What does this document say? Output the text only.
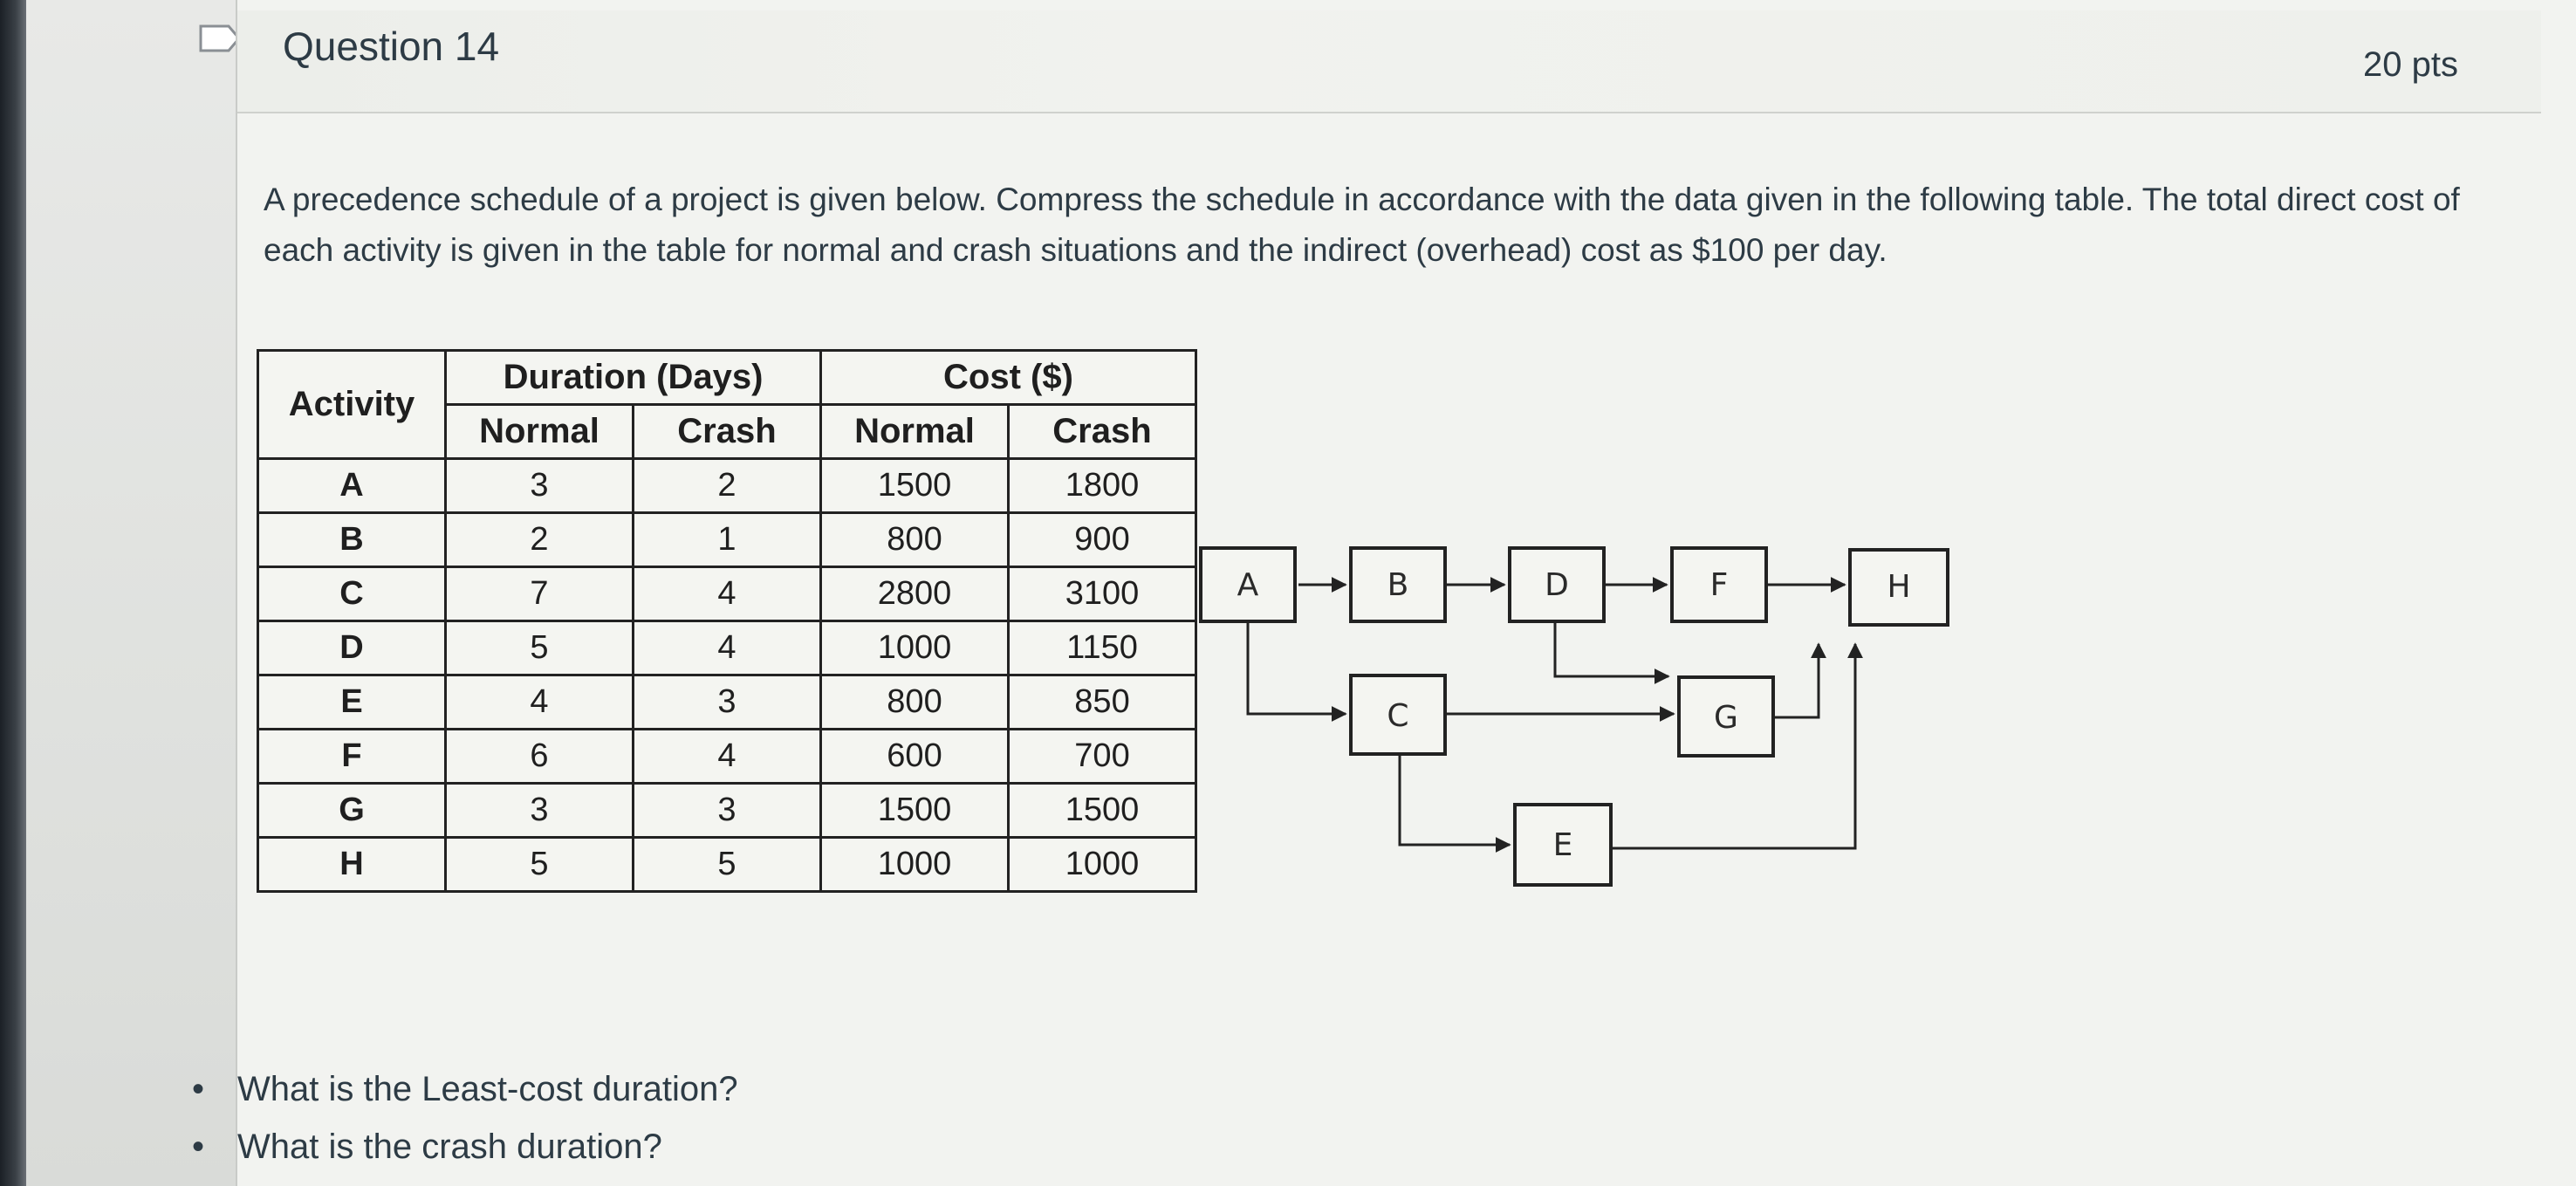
Question 14	20 pts
A precedence schedule of a project is given below. Compress the schedule in accordance with the data given in the following table. The total direct cost of each activity is given in the table for normal and crash situations and the indirect (overhead) cost as $100 per day.
Activity	Duration (Days)		Cost ($)	
	Normal	Crash	Normal	Crash
A	3	2	1500	1800
B	2	1	800	900
C	7	4	2800	3100
D	5	4	1000	1150
E	4	3	800	850
F	6	4	600	700
G	3	3	1500	1500
H	5	5	1000	1000
A	B	D	F	H
C	G
E
• What is the Least-cost duration?
• What is the crash duration?
